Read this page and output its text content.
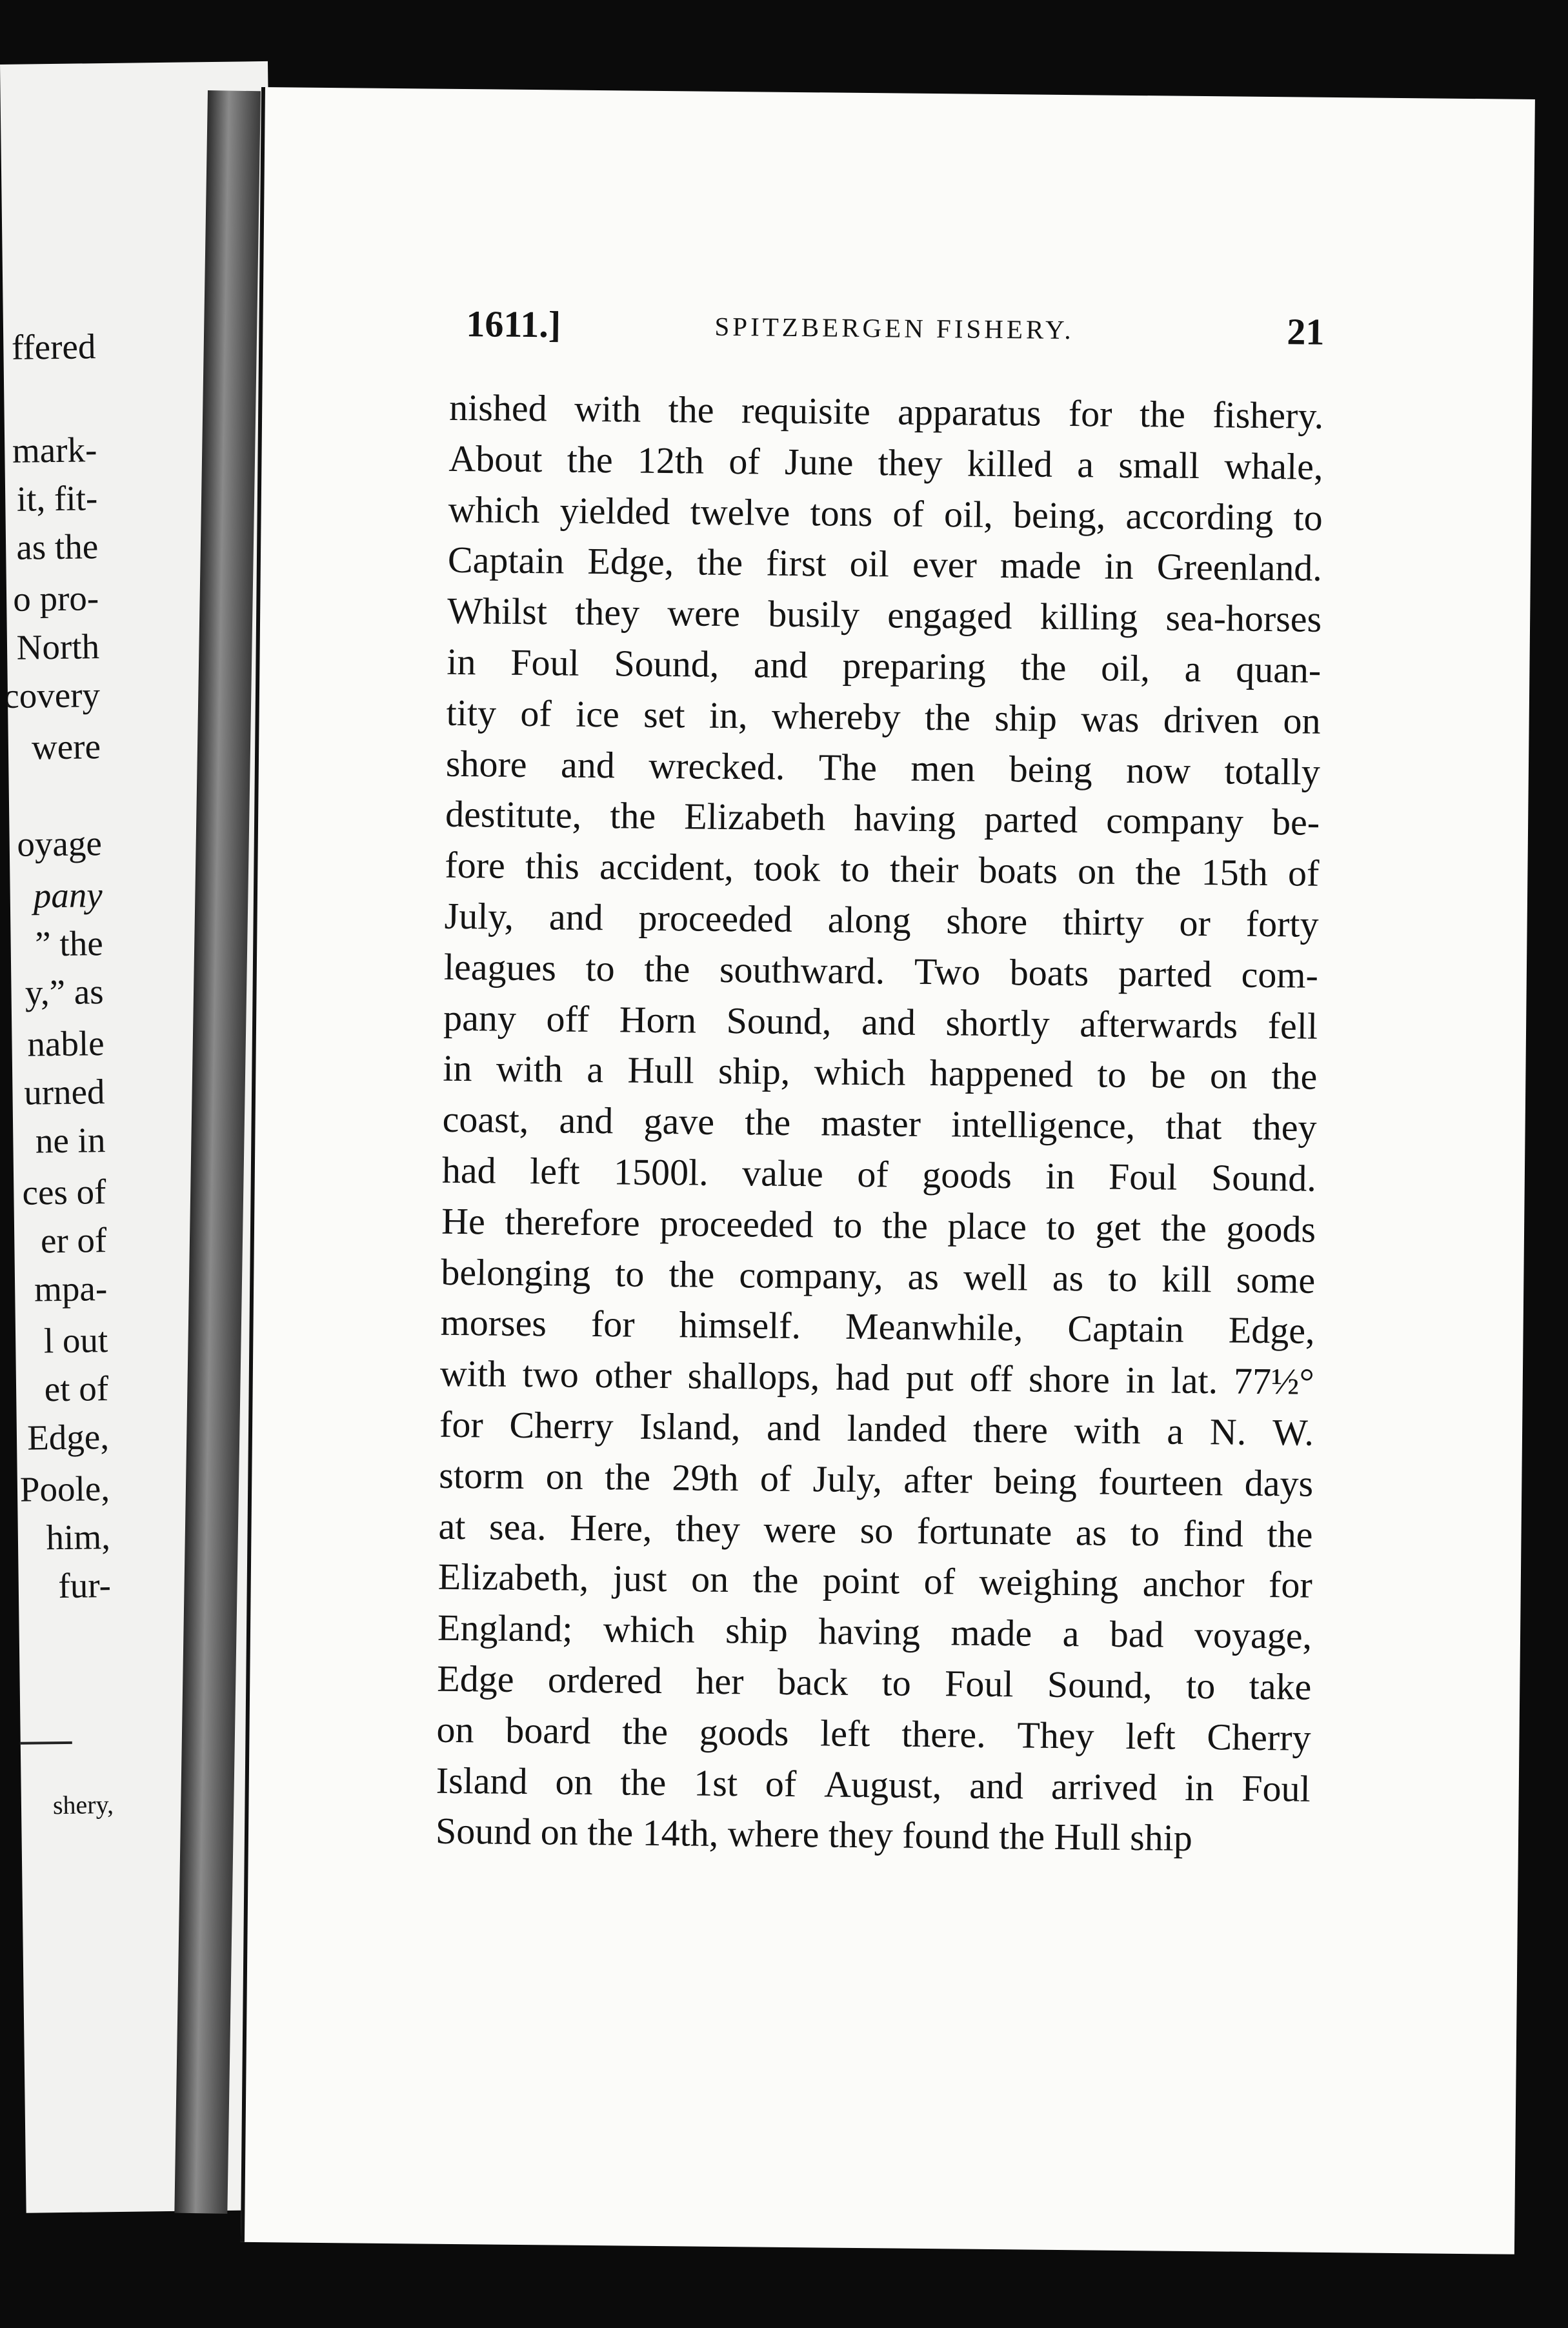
ffered
mark-
it, fit-
as the
o pro-
North
covery
were
oyage
pany
” the
y,” as
nable
urned
ne in
ces of
er of
mpa-
l out
et of
Edge,
Poole,
him,
fur-
shery,
1611.]	SPITZBERGEN FISHERY.	21
nished with the requisite apparatus for the fishery.
About the 12th of June they killed a small whale,
which yielded twelve tons of oil, being, according to
Captain Edge, the first oil ever made in Greenland.
Whilst they were busily engaged killing sea-horses
in Foul Sound, and preparing the oil, a quan-
tity of ice set in, whereby the ship was driven on
shore and wrecked. The men being now totally
destitute, the Elizabeth having parted company be-
fore this accident, took to their boats on the 15th of
July, and proceeded along shore thirty or forty
leagues to the southward. Two boats parted com-
pany off Horn Sound, and shortly afterwards fell
in with a Hull ship, which happened to be on the
coast, and gave the master intelligence, that they
had left 1500l. value of goods in Foul Sound.
He therefore proceeded to the place to get the goods
belonging to the company, as well as to kill some
morses for himself. Meanwhile, Captain Edge,
with two other shallops, had put off shore in lat. 77½°
for Cherry Island, and landed there with a N. W.
storm on the 29th of July, after being fourteen days
at sea. Here, they were so fortunate as to find the
Elizabeth, just on the point of weighing anchor for
England; which ship having made a bad voyage,
Edge ordered her back to Foul Sound, to take
on board the goods left there. They left Cherry
Island on the 1st of August, and arrived in Foul
Sound on the 14th, where they found the Hull ship
